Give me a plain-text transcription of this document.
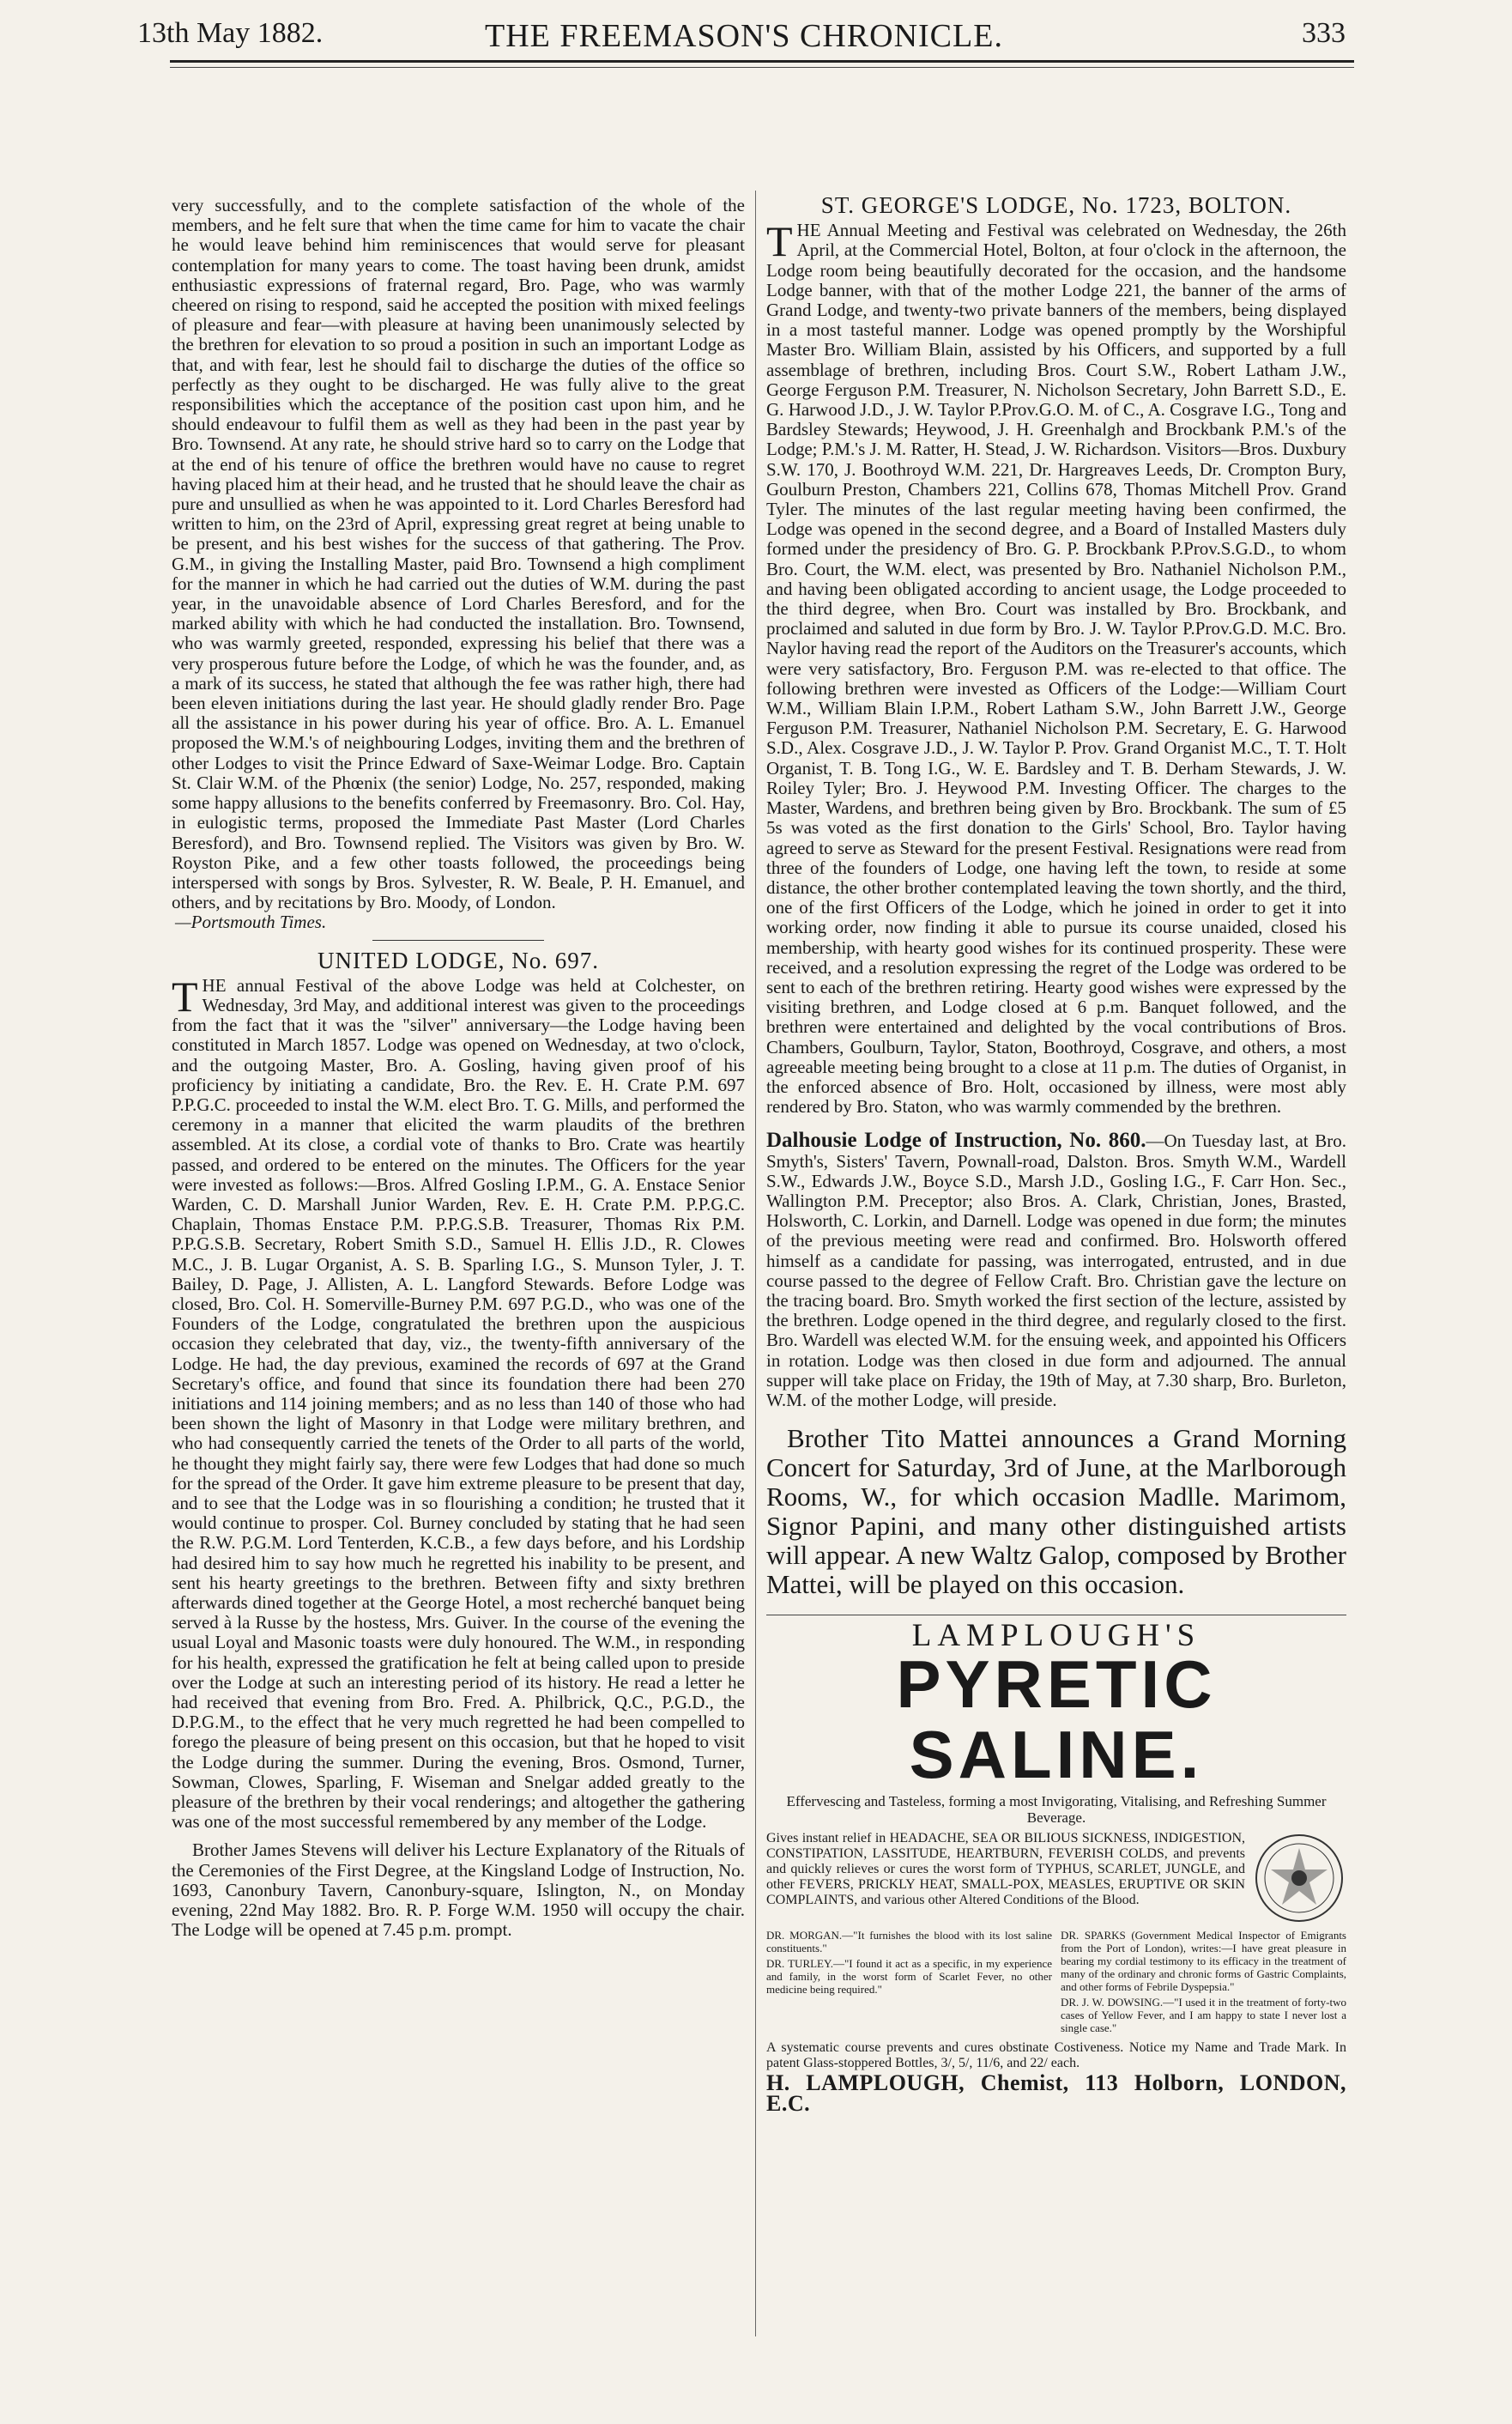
13th May 1882.	THE FREEMASON'S CHRONICLE.	333

very successfully, and to the complete satisfaction of the whole of the members, and he felt sure that when the time came for him to vacate the chair he would leave behind him reminiscences that would serve for pleasant contemplation for many years to come. The toast having been drunk, amidst enthusiastic expressions of fraternal regard, Bro. Page, who was warmly cheered on rising to respond, said he accepted the position with mixed feelings of pleasure and fear—with pleasure at having been unanimously selected by the brethren for elevation to so proud a position in such an important Lodge as that, and with fear, lest he should fail to discharge the duties of the office so perfectly as they ought to be discharged. He was fully alive to the great responsibilities which the acceptance of the position cast upon him, and he should endeavour to fulfil them as well as they had been in the past year by Bro. Townsend. At any rate, he should strive hard so to carry on the Lodge that at the end of his tenure of office the brethren would have no cause to regret having placed him at their head, and he trusted that he should leave the chair as pure and unsullied as when he was appointed to it. Lord Charles Beresford had written to him, on the 23rd of April, expressing great regret at being unable to be present, and his best wishes for the success of that gathering. The Prov. G.M., in giving the Installing Master, paid Bro. Townsend a high compliment for the manner in which he had carried out the duties of W.M. during the past year, in the unavoidable absence of Lord Charles Beresford, and for the marked ability with which he had conducted the installation. Bro. Townsend, who was warmly greeted, responded, expressing his belief that there was a very prosperous future before the Lodge, of which he was the founder, and, as a mark of its success, he stated that although the fee was rather high, there had been eleven initiations during the last year. He should gladly render Bro. Page all the assistance in his power during his year of office. Bro. A. L. Emanuel proposed the W.M.'s of neighbouring Lodges, inviting them and the brethren of other Lodges to visit the Prince Edward of Saxe-Weimar Lodge. Bro. Captain St. Clair W.M. of the Phœnix (the senior) Lodge, No. 257, responded, making some happy allusions to the benefits conferred by Freemasonry. Bro. Col. Hay, in eulogistic terms, proposed the Immediate Past Master (Lord Charles Beresford), and Bro. Townsend replied. The Visitors was given by Bro. W. Royston Pike, and a few other toasts followed, the proceedings being interspersed with songs by Bros. Sylvester, R. W. Beale, P. H. Emanuel, and others, and by recitations by Bro. Moody, of London.

—Portsmouth Times.

UNITED LODGE, No. 697.

THE annual Festival of the above Lodge was held at Colchester, on Wednesday, 3rd May, and additional interest was given to the proceedings from the fact that it was the "silver" anniversary—the Lodge having been constituted in March 1857. Lodge was opened on Wednesday, at two o'clock, and the outgoing Master, Bro. A. Gosling, having given proof of his proficiency by initiating a candidate, Bro. the Rev. E. H. Crate P.M. 697 P.P.G.C. proceeded to instal the W.M. elect Bro. T. G. Mills, and performed the ceremony in a manner that elicited the warm plaudits of the brethren assembled. At its close, a cordial vote of thanks to Bro. Crate was heartily passed, and ordered to be entered on the minutes. The Officers for the year were invested as follows:—Bros. Alfred Gosling I.P.M., G. A. Enstace Senior Warden, C. D. Marshall Junior Warden, Rev. E. H. Crate P.M. P.P.G.C. Chaplain, Thomas Enstace P.M. P.P.G.S.B. Treasurer, Thomas Rix P.M. P.P.G.S.B. Secretary, Robert Smith S.D., Samuel H. Ellis J.D., R. Clowes M.C., J. B. Lugar Organist, A. S. B. Sparling I.G., S. Munson Tyler, J. T. Bailey, D. Page, J. Allisten, A. L. Langford Stewards. Before Lodge was closed, Bro. Col. H. Somerville-Burney P.M. 697 P.G.D., who was one of the Founders of the Lodge, congratulated the brethren upon the auspicious occasion they celebrated that day, viz., the twenty-fifth anniversary of the Lodge. He had, the day previous, examined the records of 697 at the Grand Secretary's office, and found that since its foundation there had been 270 initiations and 114 joining members; and as no less than 140 of those who had been shown the light of Masonry in that Lodge were military brethren, and who had consequently carried the tenets of the Order to all parts of the world, he thought they might fairly say, there were few Lodges that had done so much for the spread of the Order. It gave him extreme pleasure to be present that day, and to see that the Lodge was in so flourishing a condition; he trusted that it would continue to prosper. Col. Burney concluded by stating that he had seen the R.W. P.G.M. Lord Tenterden, K.C.B., a few days before, and his Lordship had desired him to say how much he regretted his inability to be present, and sent his hearty greetings to the brethren. Between fifty and sixty brethren afterwards dined together at the George Hotel, a most recherché banquet being served à la Russe by the hostess, Mrs. Guiver. In the course of the evening the usual Loyal and Masonic toasts were duly honoured. The W.M., in responding for his health, expressed the gratification he felt at being called upon to preside over the Lodge at such an interesting period of its history. He read a letter he had received that evening from Bro. Fred. A. Philbrick, Q.C., P.G.D., the D.P.G.M., to the effect that he very much regretted he had been compelled to forego the pleasure of being present on this occasion, but that he hoped to visit the Lodge during the summer. During the evening, Bros. Osmond, Turner, Sowman, Clowes, Sparling, F. Wiseman and Snelgar added greatly to the pleasure of the brethren by their vocal renderings; and altogether the gathering was one of the most successful remembered by any member of the Lodge.

Brother James Stevens will deliver his Lecture Explanatory of the Rituals of the Ceremonies of the First Degree, at the Kingsland Lodge of Instruction, No. 1693, Canonbury Tavern, Canonbury-square, Islington, N., on Monday evening, 22nd May 1882. Bro. R. P. Forge W.M. 1950 will occupy the chair. The Lodge will be opened at 7.45 p.m. prompt.

ST. GEORGE'S LODGE, No. 1723, BOLTON.

THE Annual Meeting and Festival was celebrated on Wednesday, the 26th April, at the Commercial Hotel, Bolton, at four o'clock in the afternoon, the Lodge room being beautifully decorated for the occasion, and the handsome Lodge banner, with that of the mother Lodge 221, the banner of the arms of Grand Lodge, and twenty-two private banners of the members, being displayed in a most tasteful manner. Lodge was opened promptly by the Worshipful Master Bro. William Blain, assisted by his Officers, and supported by a full assemblage of brethren, including Bros. Court S.W., Robert Latham J.W., George Ferguson P.M. Treasurer, N. Nicholson Secretary, John Barrett S.D., E. G. Harwood J.D., J. W. Taylor P.Prov.G.O. M. of C., A. Cosgrave I.G., Tong and Bardsley Stewards; Heywood, J. H. Greenhalgh and Brockbank P.M.'s of the Lodge; P.M.'s J. M. Ratter, H. Stead, J. W. Richardson. Visitors—Bros. Duxbury S.W. 170, J. Boothroyd W.M. 221, Dr. Hargreaves Leeds, Dr. Crompton Bury, Goulburn Preston, Chambers 221, Collins 678, Thomas Mitchell Prov. Grand Tyler. The minutes of the last regular meeting having been confirmed, the Lodge was opened in the second degree, and a Board of Installed Masters duly formed under the presidency of Bro. G. P. Brockbank P.Prov.S.G.D., to whom Bro. Court, the W.M. elect, was presented by Bro. Nathaniel Nicholson P.M., and having been obligated according to ancient usage, the Lodge proceeded to the third degree, when Bro. Court was installed by Bro. Brockbank, and proclaimed and saluted in due form by Bro. J. W. Taylor P.Prov.G.D. M.C. Bro. Naylor having read the report of the Auditors on the Treasurer's accounts, which were very satisfactory, Bro. Ferguson P.M. was re-elected to that office. The following brethren were invested as Officers of the Lodge:—William Court W.M., William Blain I.P.M., Robert Latham S.W., John Barrett J.W., George Ferguson P.M. Treasurer, Nathaniel Nicholson P.M. Secretary, E. G. Harwood S.D., Alex. Cosgrave J.D., J. W. Taylor P. Prov. Grand Organist M.C., T. T. Holt Organist, T. B. Tong I.G., W. E. Bardsley and T. B. Derham Stewards, J. W. Roiley Tyler; Bro. J. Heywood P.M. Investing Officer. The charges to the Master, Wardens, and brethren being given by Bro. Brockbank. The sum of £5 5s was voted as the first donation to the Girls' School, Bro. Taylor having agreed to serve as Steward for the present Festival. Resignations were read from three of the founders of Lodge, one having left the town, to reside at some distance, the other brother contemplated leaving the town shortly, and the third, one of the first Officers of the Lodge, which he joined in order to get it into working order, now finding it able to pursue its course unaided, closed his membership, with hearty good wishes for its continued prosperity. These were received, and a resolution expressing the regret of the Lodge was ordered to be sent to each of the brethren retiring. Hearty good wishes were expressed by the visiting brethren, and Lodge closed at 6 p.m. Banquet followed, and the brethren were entertained and delighted by the vocal contributions of Bros. Chambers, Goulburn, Taylor, Staton, Boothroyd, Cosgrave, and others, a most agreeable meeting being brought to a close at 11 p.m. The duties of Organist, in the enforced absence of Bro. Holt, occasioned by illness, were most ably rendered by Bro. Staton, who was warmly commended by the brethren.

Dalhousie Lodge of Instruction, No. 860.—On Tuesday last, at Bro. Smyth's, Sisters' Tavern, Pownall-road, Dalston. Bros. Smyth W.M., Wardell S.W., Edwards J.W., Boyce S.D., Marsh J.D., Gosling I.G., F. Carr Hon. Sec., Wallington P.M. Preceptor; also Bros. A. Clark, Christian, Jones, Brasted, Holsworth, C. Lorkin, and Darnell. Lodge was opened in due form; the minutes of the previous meeting were read and confirmed. Bro. Holsworth offered himself as a candidate for passing, was interrogated, entrusted, and in due course passed to the degree of Fellow Craft. Bro. Christian gave the lecture on the tracing board. Bro. Smyth worked the first section of the lecture, assisted by the brethren. Lodge opened in the third degree, and regularly closed to the first. Bro. Wardell was elected W.M. for the ensuing week, and appointed his Officers in rotation. Lodge was then closed in due form and adjourned. The annual supper will take place on Friday, the 19th of May, at 7.30 sharp, Bro. Burleton, W.M. of the mother Lodge, will preside.

Brother Tito Mattei announces a Grand Morning Concert for Saturday, 3rd of June, at the Marlborough Rooms, W., for which occasion Madlle. Marimom, Signor Papini, and many other distinguished artists will appear. A new Waltz Galop, composed by Brother Mattei, will be played on this occasion.

LAMPLOUGH'S

PYRETIC SALINE.

Effervescing and Tasteless, forming a most Invigorating, Vitalising, and Refreshing Summer Beverage.

Gives instant relief in HEADACHE, SEA OR BILIOUS SICKNESS, INDIGESTION, CONSTIPATION, LASSITUDE, HEARTBURN, FEVERISH COLDS, and prevents and quickly relieves or cures the worst form of TYPHUS, SCARLET, JUNGLE, and other FEVERS, PRICKLY HEAT, SMALL-POX, MEASLES, ERUPTIVE OR SKIN COMPLAINTS, and various other Altered Conditions of the Blood.

DR. MORGAN.—"It furnishes the blood with its lost saline constituents."

DR. TURLEY.—"I found it act as a specific, in my experience and family, in the worst form of Scarlet Fever, no other medicine being required."

DR. SPARKS (Government Medical Inspector of Emigrants from the Port of London), writes:—I have great pleasure in bearing my cordial testimony to its efficacy in the treatment of many of the ordinary and chronic forms of Gastric Complaints, and other forms of Febrile Dyspepsia."

DR. J. W. DOWSING.—"I used it in the treatment of forty-two cases of Yellow Fever, and I am happy to state I never lost a single case."

A systematic course prevents and cures obstinate Costiveness. Notice my Name and Trade Mark. In patent Glass-stoppered Bottles, 3/, 5/, 11/6, and 22/ each.

H. LAMPLOUGH, Chemist, 113 Holborn, LONDON, E.C.
